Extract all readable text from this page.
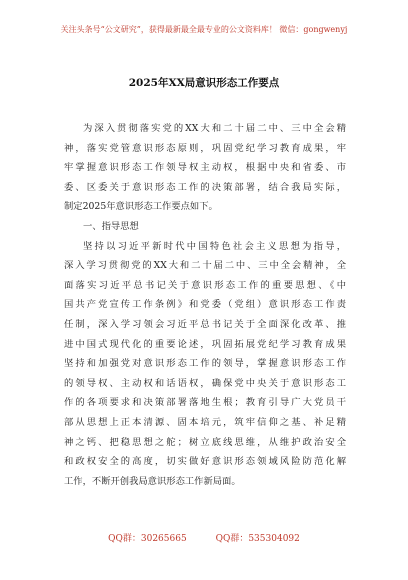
关注头条号“公文研究”，获得最新最全最专业的公文资料库！ 微信：gongwenyj
2025年XX局意识形态工作要点
为深入贯彻落实党的XX大和二十届二中、三中全会精
神，落实党管意识形态原则，巩固党纪学习教育成果，牢
牢掌握意识形态工作领导权主动权，根据中央和省委、市
委、区委关于意识形态工作的决策部署，结合我局实际，
制定2025年意识形态工作要点如下。
一、指导思想
坚持以习近平新时代中国特色社会主义思想为指导，
深入学习贯彻党的XX大和二十届二中、三中全会精神，全
面落实习近平总书记关于意识形态工作的重要思想、《中
国共产党宣传工作条例》和党委（党组）意识形态工作责
任制，深入学习领会习近平总书记关于全面深化改革、推
进中国式现代化的重要论述，巩固拓展党纪学习教育成果
坚持和加强党对意识形态工作的领导，掌握意识形态工作
的领导权、主动权和话语权，确保党中央关于意识形态工
作的各项要求和决策部署落地生根；教育引导广大党员干
部从思想上正本清源、固本培元，筑牢信仰之基、补足精
神之钙、把稳思想之舵；树立底线思维，从维护政治安全
和政权安全的高度，切实做好意识形态领域风险防范化解
工作，不断开创我局意识形态工作新局面。
QQ群：30265665	QQ群：535304092
